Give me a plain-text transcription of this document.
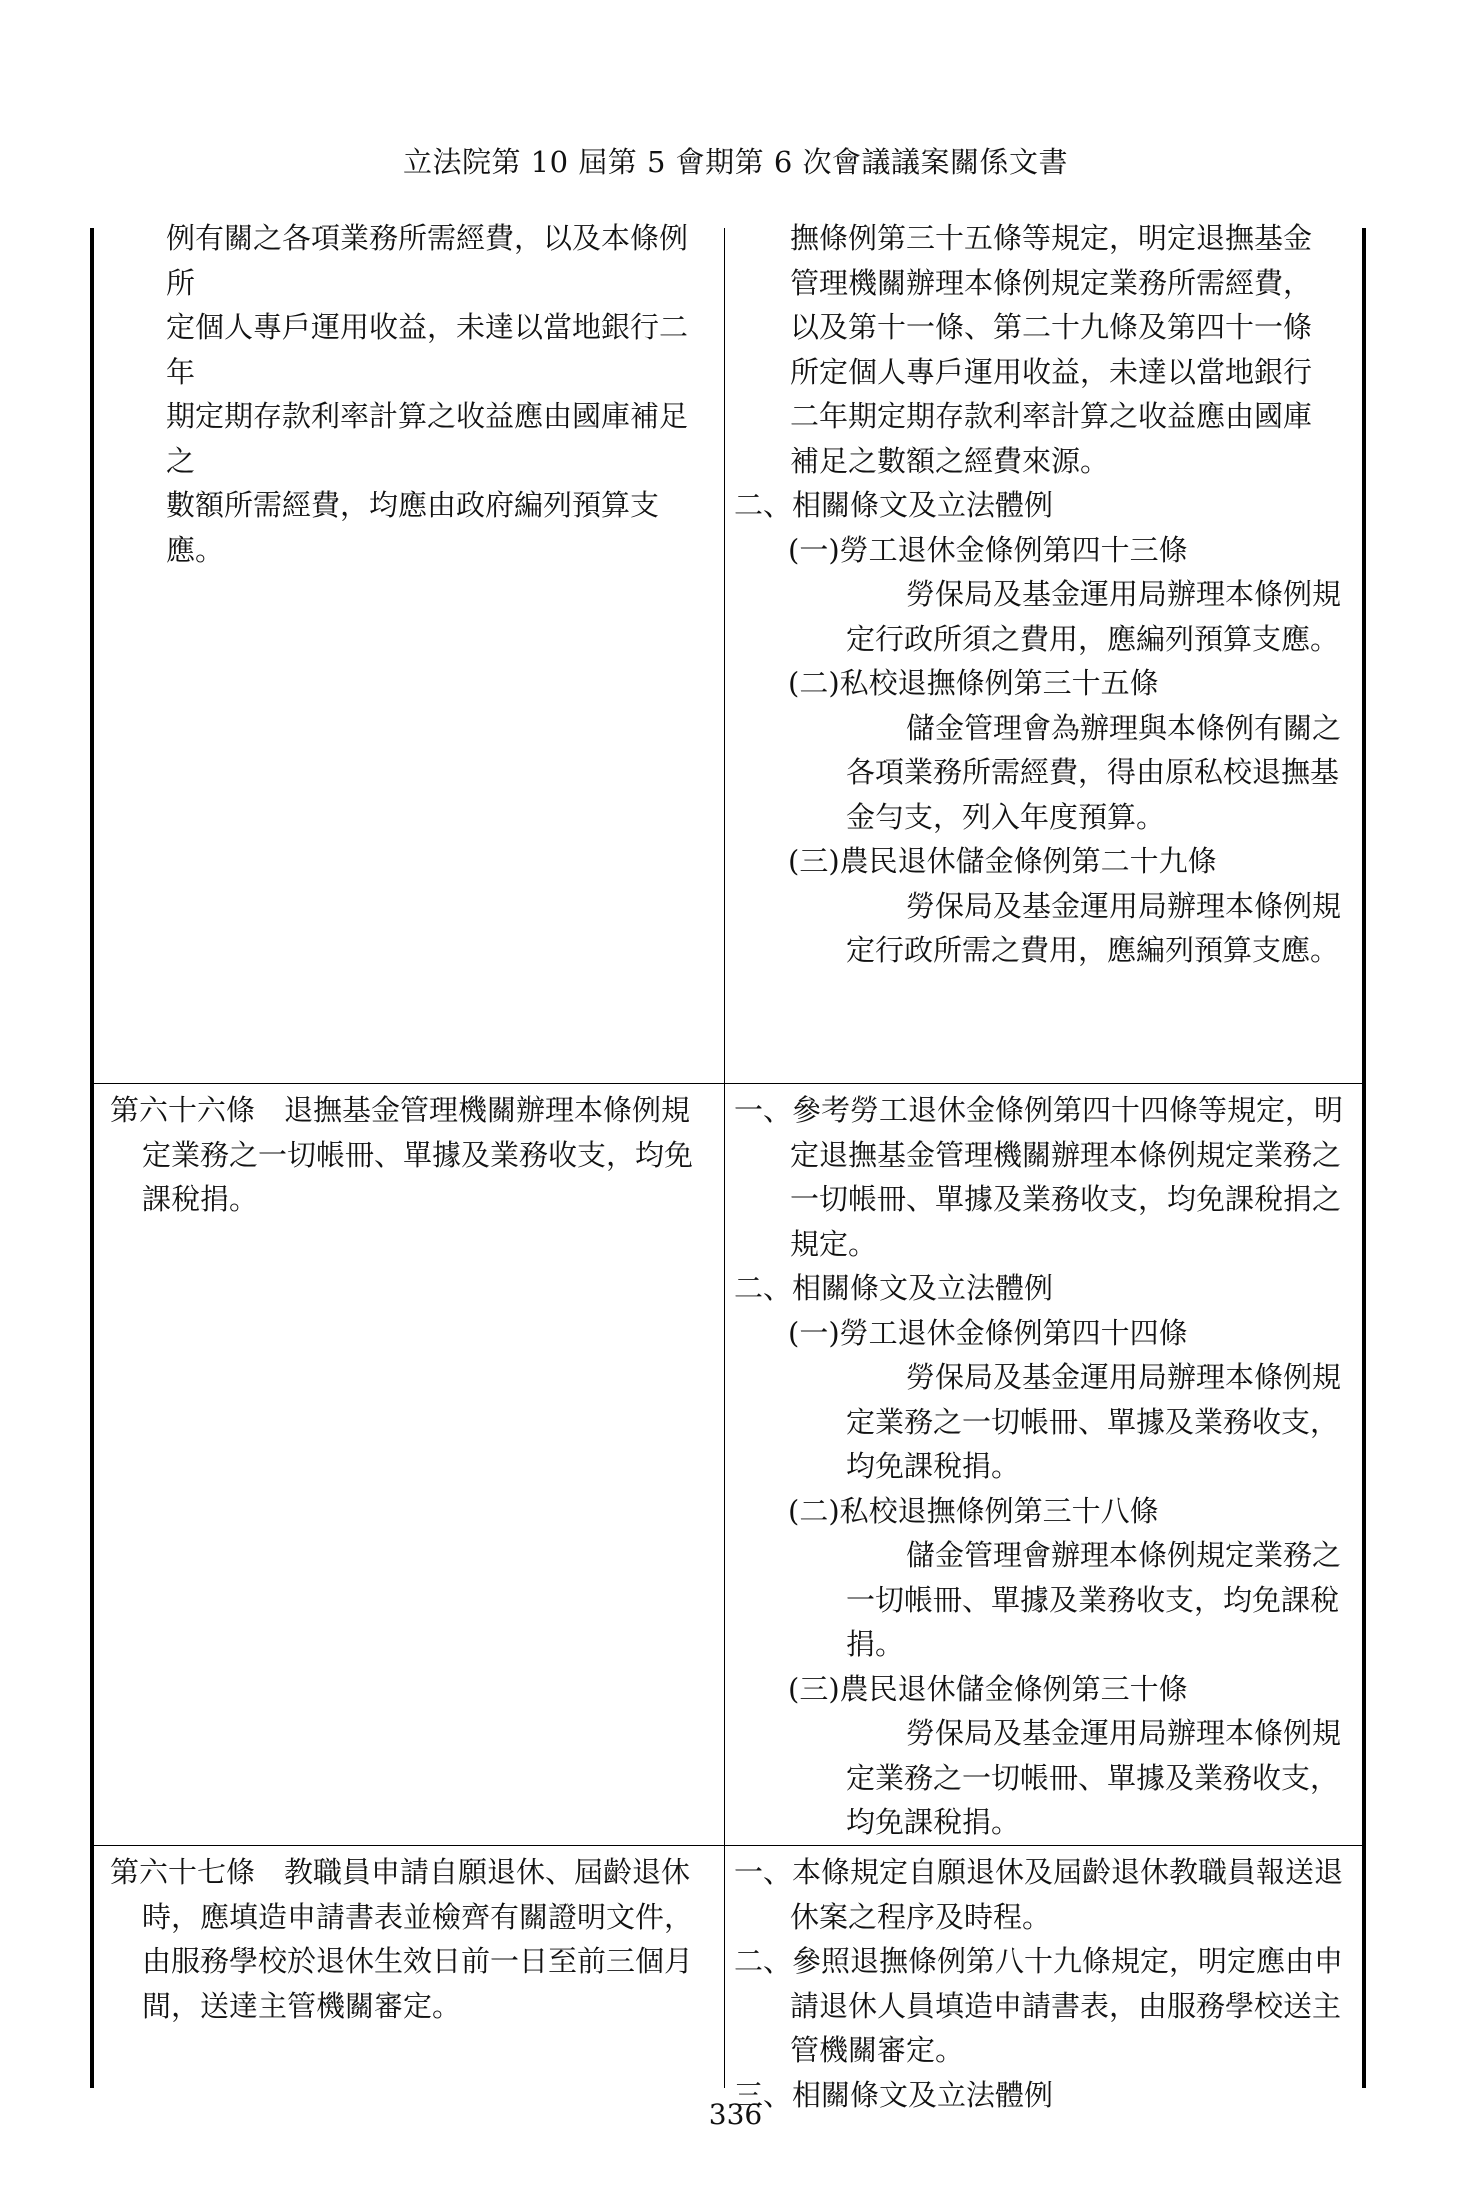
立法院第 10 屆第 5 會期第 6 次會議議案關係文書

例有關之各項業務所需經費，以及本條例所

定個人專戶運用收益，未達以當地銀行二年

期定期存款利率計算之收益應由國庫補足之

數額所需經費，均應由政府編列預算支應。

撫條例第三十五條等規定，明定退撫基金

管理機關辦理本條例規定業務所需經費，

以及第十一條、第二十九條及第四十一條

所定個人專戶運用收益，未達以當地銀行

二年期定期存款利率計算之收益應由國庫

補足之數額之經費來源。

二、相關條文及立法體例

(一)勞工退休金條例第四十三條

勞保局及基金運用局辦理本條例規定行政所須之費用，應編列預算支應。

(二)私校退撫條例第三十五條

儲金管理會為辦理與本條例有關之各項業務所需經費，得由原私校退撫基金勻支，列入年度預算。

(三)農民退休儲金條例第二十九條

勞保局及基金運用局辦理本條例規定行政所需之費用，應編列預算支應。

第六十六條　退撫基金管理機關辦理本條例規定業務之一切帳冊、單據及業務收支，均免課稅捐。

一、參考勞工退休金條例第四十四條等規定，明定退撫基金管理機關辦理本條例規定業務之一切帳冊、單據及業務收支，均免課稅捐之規定。

二、相關條文及立法體例

(一)勞工退休金條例第四十四條

勞保局及基金運用局辦理本條例規定業務之一切帳冊、單據及業務收支，均免課稅捐。

(二)私校退撫條例第三十八條

儲金管理會辦理本條例規定業務之一切帳冊、單據及業務收支，均免課稅捐。

(三)農民退休儲金條例第三十條

勞保局及基金運用局辦理本條例規定業務之一切帳冊、單據及業務收支，均免課稅捐。

第六十七條　教職員申請自願退休、屆齡退休時，應填造申請書表並檢齊有關證明文件，由服務學校於退休生效日前一日至前三個月間，送達主管機關審定。

一、本條規定自願退休及屆齡退休教職員報送退休案之程序及時程。

二、參照退撫條例第八十九條規定，明定應由申請退休人員填造申請書表，由服務學校送主管機關審定。

三、相關條文及立法體例

336
